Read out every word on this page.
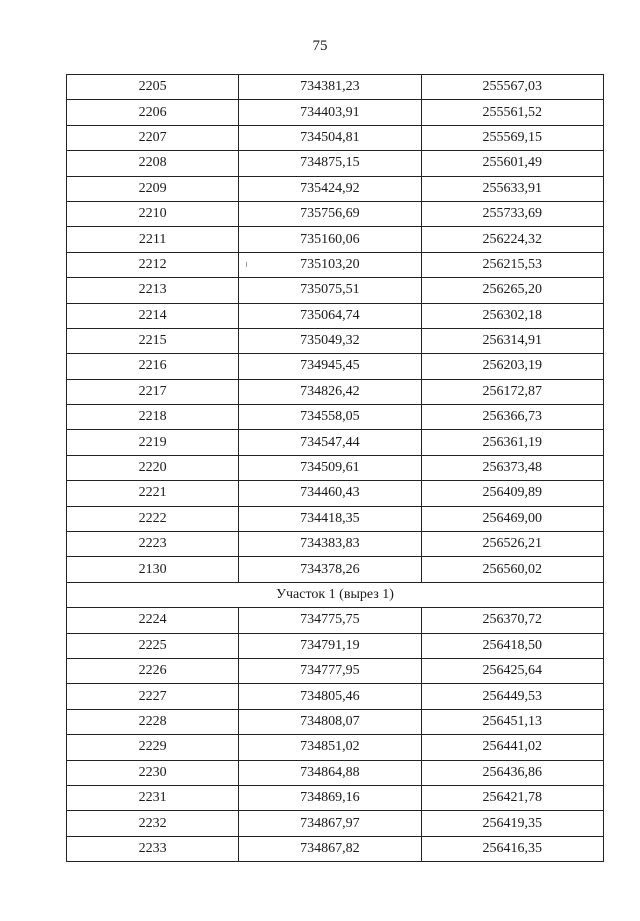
75
2205	734381,23	255567,03
2206	734403,91	255561,52
2207	734504,81	255569,15
2208	734875,15	255601,49
2209	735424,92	255633,91
2210	735756,69	255733,69
2211	735160,06	256224,32
2212	735103,20	256215,53
2213	735075,51	256265,20
2214	735064,74	256302,18
2215	735049,32	256314,91
2216	734945,45	256203,19
2217	734826,42	256172,87
2218	734558,05	256366,73
2219	734547,44	256361,19
2220	734509,61	256373,48
2221	734460,43	256409,89
2222	734418,35	256469,00
2223	734383,83	256526,21
2130	734378,26	256560,02
Участок 1 (вырез 1)		
2224	734775,75	256370,72
2225	734791,19	256418,50
2226	734777,95	256425,64
2227	734805,46	256449,53
2228	734808,07	256451,13
2229	734851,02	256441,02
2230	734864,88	256436,86
2231	734869,16	256421,78
2232	734867,97	256419,35
2233	734867,82	256416,35
